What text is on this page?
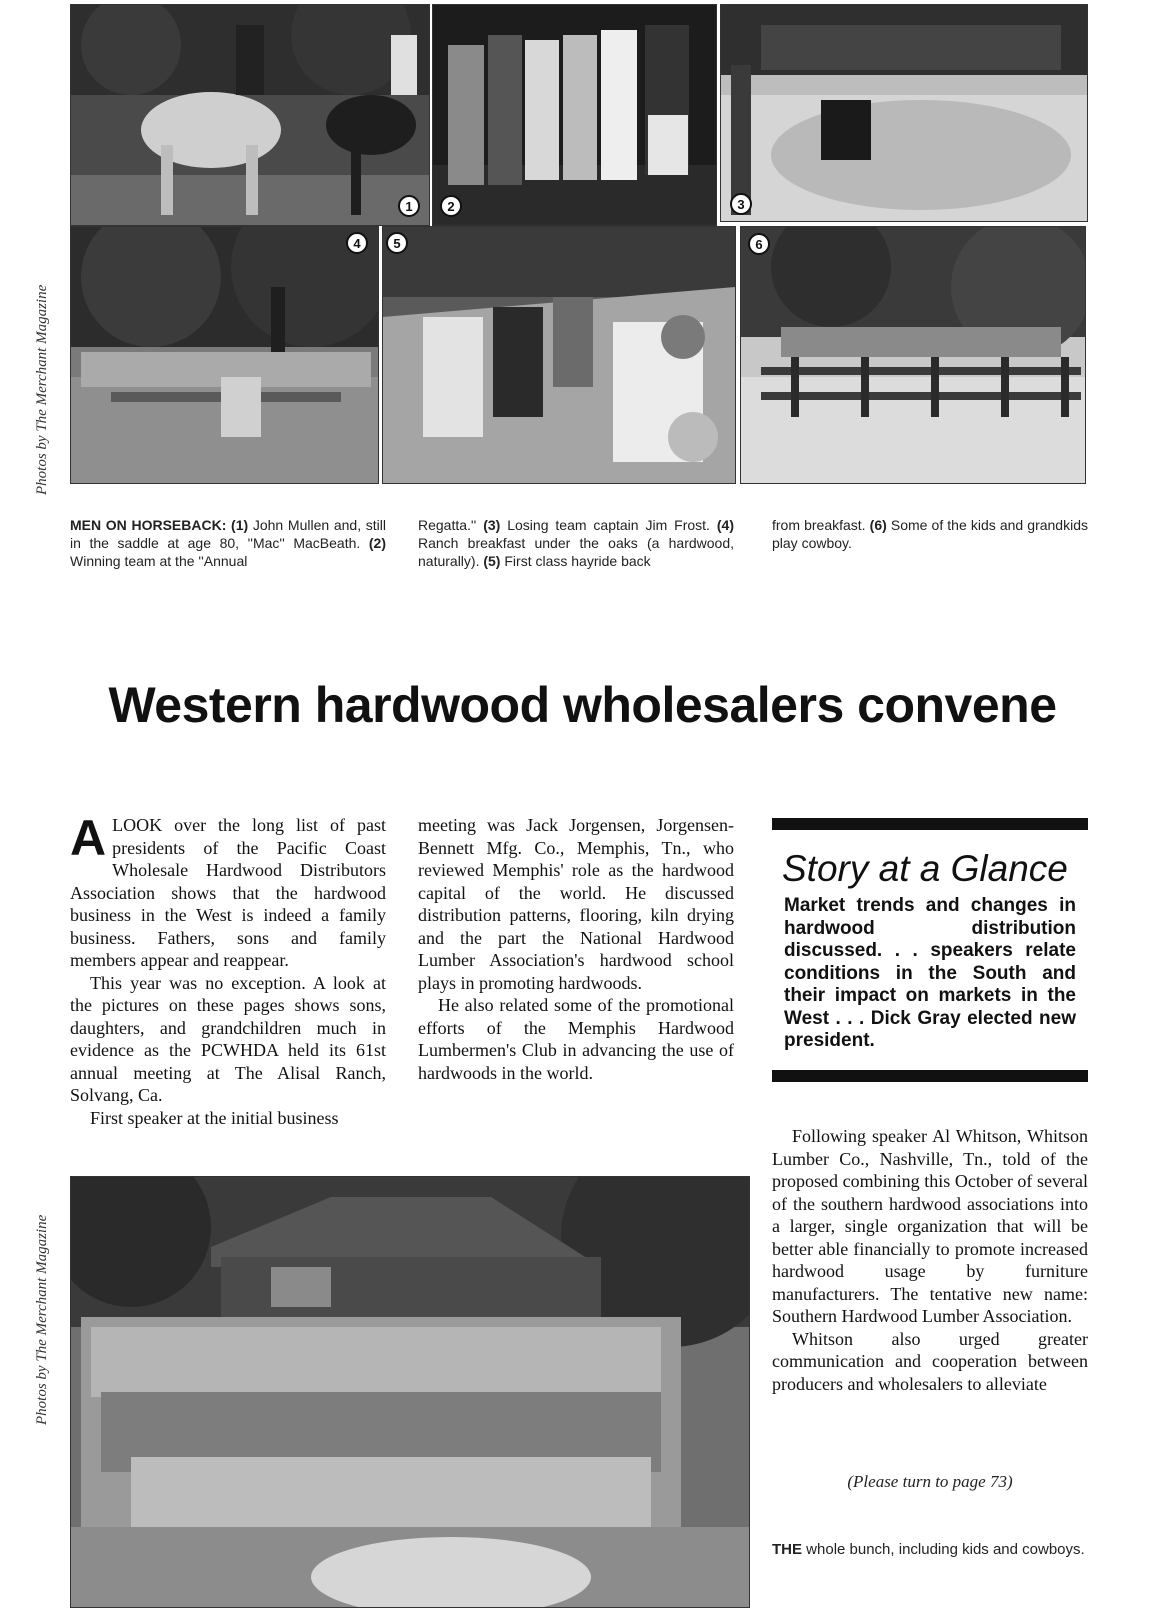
Photos by The Merchant Magazine
Photos by The Merchant Magazine
1	2	3
4	5	6
MEN ON HORSEBACK: (1) John Mullen and, still in the saddle at age 80, ''Mac'' MacBeath. (2) Winning team at the ''Annual
Regatta.'' (3) Losing team captain Jim Frost. (4) Ranch breakfast under the oaks (a hardwood, naturally). (5) First class hayride back
from breakfast. (6) Some of the kids and grandkids play cowboy.
Western hardwood wholesalers convene

ALOOK over the long list of past presidents of the Pacific Coast Wholesale Hardwood Distributors Association shows that the hardwood business in the West is indeed a family business. Fathers, sons and family members appear and reappear.

This year was no exception. A look at the pictures on these pages shows sons, daughters, and grandchildren much in evidence as the PCWHDA held its 61st annual meeting at The Alisal Ranch, Solvang, Ca.

First speaker at the initial business

meeting was Jack Jorgensen, Jorgensen-Bennett Mfg. Co., Memphis, Tn., who reviewed Memphis' role as the hardwood capital of the world. He discussed distribution patterns, flooring, kiln drying and the part the National Hardwood Lumber Association's hardwood school plays in promoting hardwoods.

He also related some of the promotional efforts of the Memphis Hardwood Lumbermen's Club in advancing the use of hardwoods in the world.

Story at a Glance
Market trends and changes in hardwood distribution discussed. . . speakers relate conditions in the South and their impact on markets in the West . . . Dick Gray elected new president.

Following speaker Al Whitson, Whitson Lumber Co., Nashville, Tn., told of the proposed combining this October of several of the southern hardwood associations into a larger, single organization that will be better able financially to promote increased hardwood usage by furniture manufacturers. The tentative new name: Southern Hardwood Lumber Association.

Whitson also urged greater communication and cooperation between producers and wholesalers to alleviate

(Please turn to page 73)
THE whole bunch, including kids and cowboys.
